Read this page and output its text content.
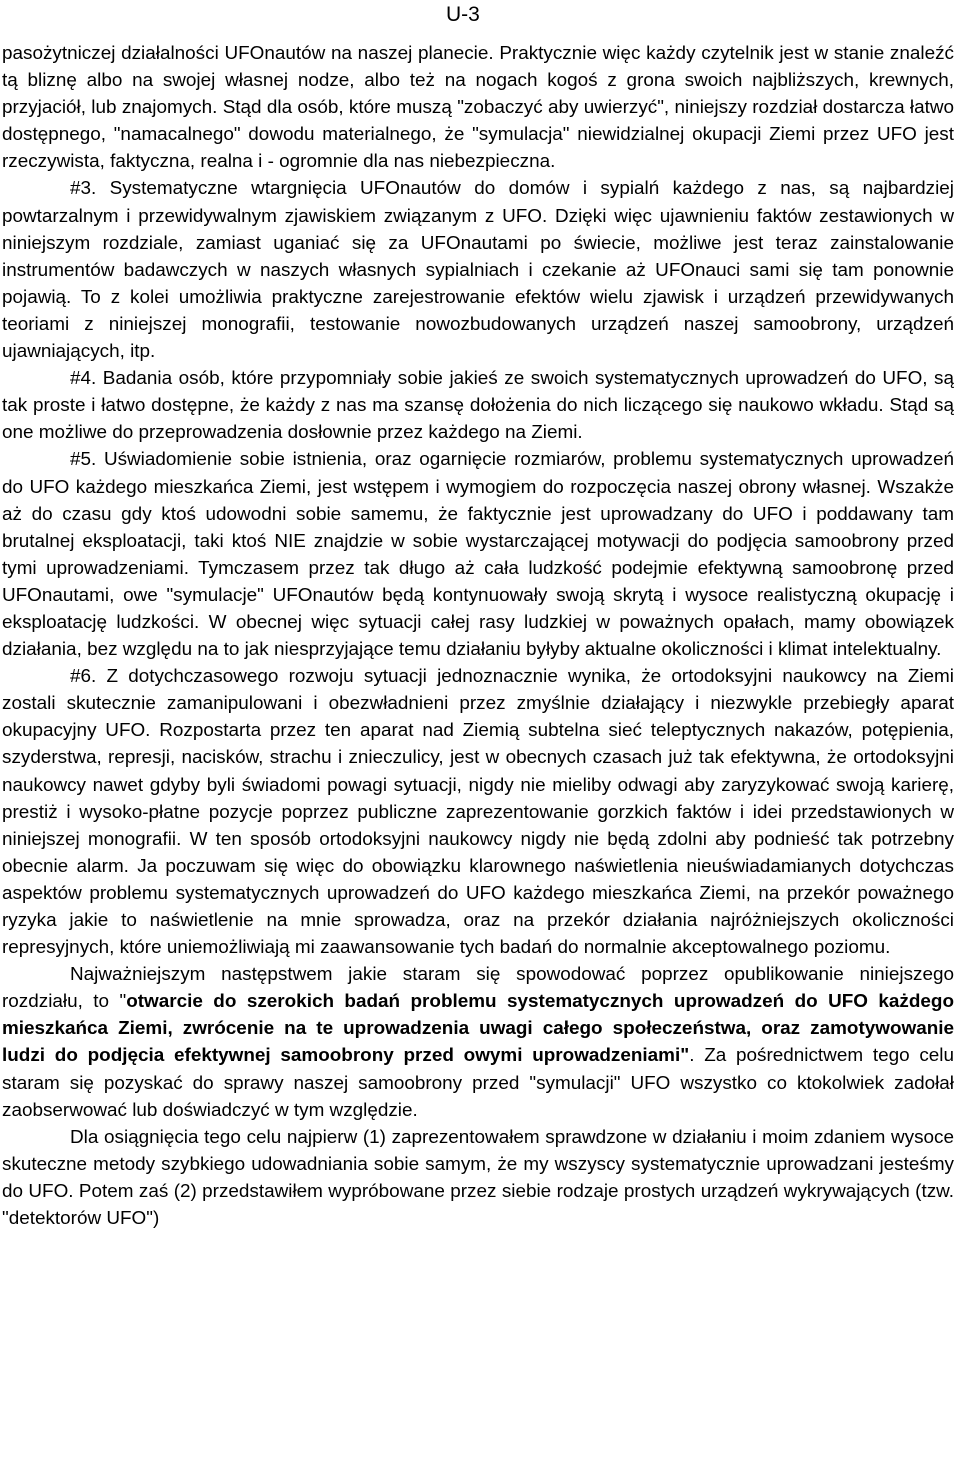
U-3

pasożytniczej działalności UFOnautów na naszej planecie. Praktycznie więc każdy czytelnik jest w stanie znaleźć tą bliznę albo na swojej własnej nodze, albo też na nogach kogoś z grona swoich najbliższych, krewnych, przyjaciół, lub znajomych. Stąd dla osób, które muszą "zobaczyć aby uwierzyć", niniejszy rozdział dostarcza łatwo dostępnego, "namacalnego" dowodu materialnego, że "symulacja" niewidzialnej okupacji Ziemi przez UFO jest rzeczywista, faktyczna, realna i - ogromnie dla nas niebezpieczna.

#3. Systematyczne wtargnięcia UFOnautów do domów i sypialń każdego z nas, są najbardziej powtarzalnym i przewidywalnym zjawiskiem związanym z UFO. Dzięki więc ujawnieniu faktów zestawionych w niniejszym rozdziale, zamiast uganiać się za UFOnautami po świecie, możliwe jest teraz zainstalowanie instrumentów badawczych w naszych własnych sypialniach i czekanie aż UFOnauci sami się tam ponownie pojawią. To z kolei umożliwia praktyczne zarejestrowanie efektów wielu zjawisk i urządzeń przewidywanych teoriami z niniejszej monografii, testowanie nowozbudowanych urządzeń naszej samoobrony, urządzeń ujawniających, itp.

#4. Badania osób, które przypomniały sobie jakieś ze swoich systematycznych uprowadzeń do UFO, są tak proste i łatwo dostępne, że każdy z nas ma szansę dołożenia do nich liczącego się naukowo wkładu. Stąd są one możliwe do przeprowadzenia dosłownie przez każdego na Ziemi.

#5. Uświadomienie sobie istnienia, oraz ogarnięcie rozmiarów, problemu systematycznych uprowadzeń do UFO każdego mieszkańca Ziemi, jest wstępem i wymogiem do rozpoczęcia naszej obrony własnej. Wszakże aż do czasu gdy ktoś udowodni sobie samemu, że faktycznie jest uprowadzany do UFO i poddawany tam brutalnej eksploatacji, taki ktoś NIE znajdzie w sobie wystarczającej motywacji do podjęcia samoobrony przed tymi uprowadzeniami. Tymczasem przez tak długo aż cała ludzkość podejmie efektywną samoobronę przed UFOnautami, owe "symulacje" UFOnautów będą kontynuowały swoją skrytą i wysoce realistyczną okupację i eksploatację ludzkości. W obecnej więc sytuacji całej rasy ludzkiej w poważnych opałach, mamy obowiązek działania, bez względu na to jak niesprzyjające temu działaniu byłyby aktualne okoliczności i klimat intelektualny.

#6. Z dotychczasowego rozwoju sytuacji jednoznacznie wynika, że ortodoksyjni naukowcy na Ziemi zostali skutecznie zamanipulowani i obezwładnieni przez zmyślnie działający i niezwykle przebiegły aparat okupacyjny UFO. Rozpostarta przez ten aparat nad Ziemią subtelna sieć teleptycznych nakazów, potępienia, szyderstwa, represji, nacisków, strachu i znieczulicy, jest w obecnych czasach już tak efektywna, że ortodoksyjni naukowcy nawet gdyby byli świadomi powagi sytuacji, nigdy nie mieliby odwagi aby zaryzykować swoją karierę, prestiż i wysoko-płatne pozycje poprzez publiczne zaprezentowanie gorzkich faktów i idei przedstawionych w niniejszej monografii. W ten sposób ortodoksyjni naukowcy nigdy nie będą zdolni aby podnieść tak potrzebny obecnie alarm. Ja poczuwam się więc do obowiązku klarownego naświetlenia nieuświadamianych dotychczas aspektów problemu systematycznych uprowadzeń do UFO każdego mieszkańca Ziemi, na przekór poważnego ryzyka jakie to naświetlenie na mnie sprowadza, oraz na przekór działania najróżniejszych okoliczności represyjnych, które uniemożliwiają mi zaawansowanie tych badań do normalnie akceptowalnego poziomu.

Najważniejszym następstwem jakie staram się spowodować poprzez opublikowanie niniejszego rozdziału, to "otwarcie do szerokich badań problemu systematycznych uprowadzeń do UFO każdego mieszkańca Ziemi, zwrócenie na te uprowadzenia uwagi całego społeczeństwa, oraz zamotywowanie ludzi do podjęcia efektywnej samoobrony przed owymi uprowadzeniami". Za pośrednictwem tego celu staram się pozyskać do sprawy naszej samoobrony przed "symulacji" UFO wszystko co ktokolwiek zadołał zaobserwować lub doświadczyć w tym względzie.

Dla osiągnięcia tego celu najpierw (1) zaprezentowałem sprawdzone w działaniu i moim zdaniem wysoce skuteczne metody szybkiego udowadniania sobie samym, że my wszyscy systematycznie uprowadzani jesteśmy do UFO. Potem zaś (2) przedstawiłem wypróbowane przez siebie rodzaje prostych urządzeń wykrywających (tzw. "detektorów UFO")
